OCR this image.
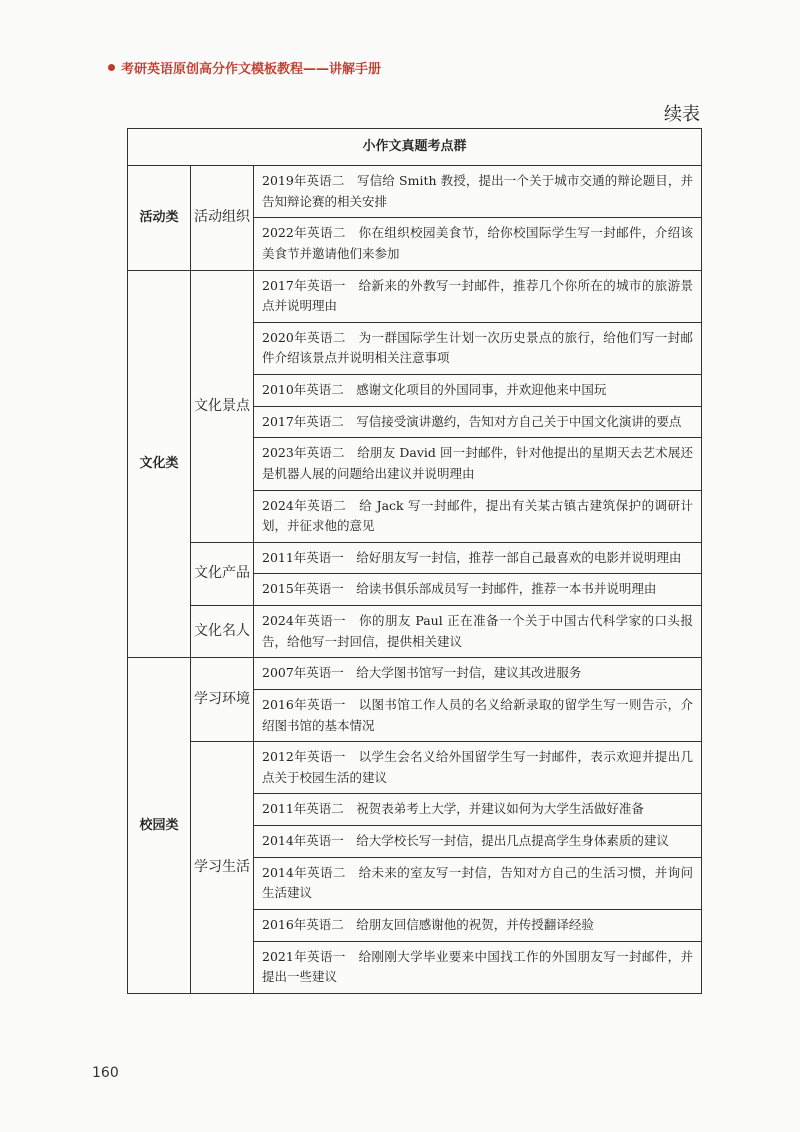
考研英语原创高分作文模板教程——讲解手册
续表
小作文真题考点群		
活动类	活动组织	2019年英语二　写信给 Smith 教授，提出一个关于城市交通的辩论题目，并告知辩论赛的相关安排
		2022年英语二　你在组织校园美食节，给你校国际学生写一封邮件，介绍该美食节并邀请他们来参加
文化类	文化景点	2017年英语一　给新来的外教写一封邮件，推荐几个你所在的城市的旅游景点并说明理由
		2020年英语二　为一群国际学生计划一次历史景点的旅行，给他们写一封邮件介绍该景点并说明相关注意事项
		2010年英语二　感谢文化项目的外国同事，并欢迎他来中国玩
		2017年英语二　写信接受演讲邀约，告知对方自己关于中国文化演讲的要点
		2023年英语二　给朋友 David 回一封邮件，针对他提出的星期天去艺术展还是机器人展的问题给出建议并说明理由
		2024年英语二　给 Jack 写一封邮件，提出有关某古镇古建筑保护的调研计划，并征求他的意见
	文化产品	2011年英语一　给好朋友写一封信，推荐一部自己最喜欢的电影并说明理由
		2015年英语一　给读书俱乐部成员写一封邮件，推荐一本书并说明理由
	文化名人	2024年英语一　你的朋友 Paul 正在准备一个关于中国古代科学家的口头报告，给他写一封回信，提供相关建议
校园类	学习环境	2007年英语一　给大学图书馆写一封信，建议其改进服务
		2016年英语一　以图书馆工作人员的名义给新录取的留学生写一则告示，介绍图书馆的基本情况
	学习生活	2012年英语一　以学生会名义给外国留学生写一封邮件，表示欢迎并提出几点关于校园生活的建议
		2011年英语二　祝贺表弟考上大学，并建议如何为大学生活做好准备
		2014年英语一　给大学校长写一封信，提出几点提高学生身体素质的建议
		2014年英语二　给未来的室友写一封信，告知对方自己的生活习惯，并询问生活建议
		2016年英语二　给朋友回信感谢他的祝贺，并传授翻译经验
		2021年英语一　给刚刚大学毕业要来中国找工作的外国朋友写一封邮件，并提出一些建议
160
